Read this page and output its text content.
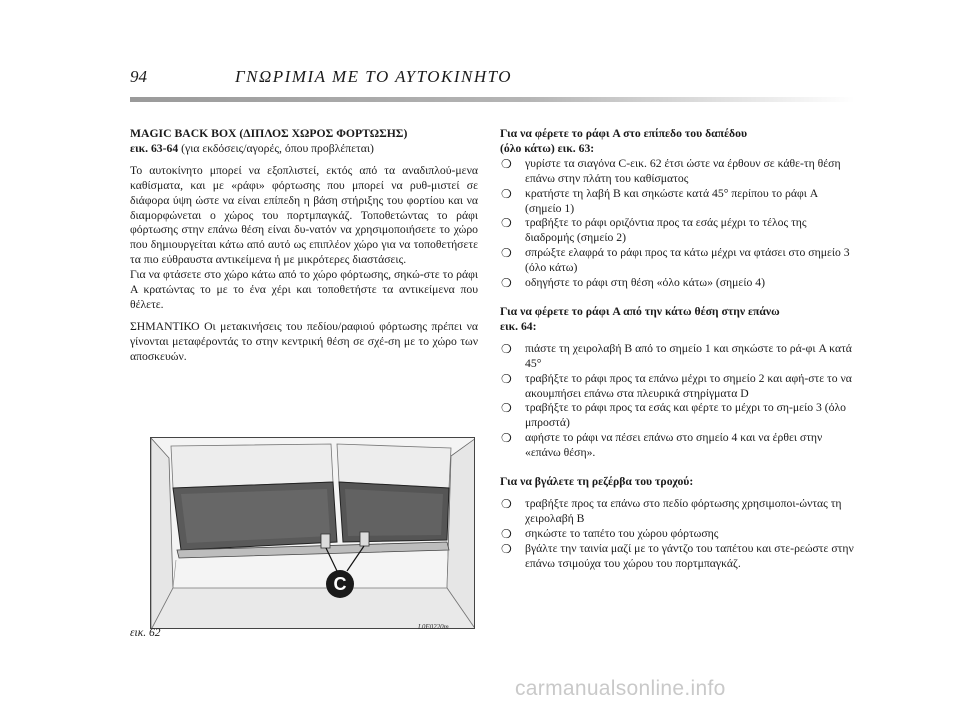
94	ΓΝΩΡΙΜΙΑ ΜΕ ΤΟ ΑΥΤΟΚΙΝΗΤΟ

MAGIC BACK BOX (ΔΙΠΛΟΣ ΧΩΡΟΣ ΦΟΡΤΩΣΗΣ)

εικ. 63-64 (για εκδόσεις/αγορές, όπου προβλέπεται)

Το αυτοκίνητο μπορεί να εξοπλιστεί, εκτός από τα αναδιπλού-μενα καθίσματα, και με «ράφι» φόρτωσης που μπορεί να ρυθ-μιστεί σε διάφορα ύψη ώστε να είναι επίπεδη η βάση στήριξης του φορτίου και να διαμορφώνεται ο χώρος του πορτμπαγκάζ. Τοποθετώντας το ράφι φόρτωσης στην επάνω θέση είναι δυ-νατόν να χρησιμοποιήσετε το χώρο που δημιουργείται κάτω από αυτό ως επιπλέον χώρο για να τοποθετήσετε τα πιο εύθραυστα αντικείμενα ή με μικρότερες διαστάσεις.

Για να φτάσετε στο χώρο κάτω από το χώρο φόρτωσης, σηκώ-στε το ράφι A κρατώντας το με το ένα χέρι και τοποθετήστε τα αντικείμενα που θέλετε.

ΣΗΜΑΝΤΙΚΟ Οι μετακινήσεις του πεδίου/ραφιού φόρτωσης πρέπει να γίνονται μεταφέροντάς το στην κεντρική θέση σε σχέ-ση με το χώρο των αποσκευών.

C
εικ. 62	L0E0220m

Για να φέρετε το ράφι A στο επίπεδο του δαπέδου

(όλο κάτω) εικ. 63:

❍ γυρίστε τα σιαγόνα C-εικ. 62 έτσι ώστε να έρθουν σε κάθε-τη θέση επάνω στην πλάτη του καθίσματος
❍ κρατήστε τη λαβή B και σηκώστε κατά 45° περίπου το ράφι A (σημείο 1)
❍ τραβήξτε το ράφι οριζόντια προς τα εσάς μέχρι το τέλος της διαδρομής (σημείο 2)
❍ σπρώξτε ελαφρά το ράφι προς τα κάτω μέχρι να φτάσει στο σημείο 3 (όλο κάτω)
❍ οδηγήστε το ράφι στη θέση «όλο κάτω» (σημείο 4)

Για να φέρετε το ράφι A από την κάτω θέση στην επάνω

εικ. 64:

❍ πιάστε τη χειρολαβή B από το σημείο 1 και σηκώστε το ρά-φι A κατά 45°
❍ τραβήξτε το ράφι προς τα επάνω μέχρι το σημείο 2 και αφή-στε το να ακουμπήσει επάνω στα πλευρικά στηρίγματα D
❍ τραβήξτε το ράφι προς τα εσάς και φέρτε το μέχρι το ση-μείο 3 (όλο μπροστά)
❍ αφήστε το ράφι να πέσει επάνω στο σημείο 4 και να έρθει στην «επάνω θέση».

Για να βγάλετε τη ρεζέρβα του τροχού:

❍ τραβήξτε προς τα επάνω στο πεδίο φόρτωσης χρησιμοποι-ώντας τη χειρολαβή B
❍ σηκώστε το ταπέτο του χώρου φόρτωσης
❍ βγάλτε την ταινία μαζί με το γάντζο του ταπέτου και στε-ρεώστε στην επάνω τσιμούχα του χώρου του πορτμπαγκάζ.
carmanualsonline.info
